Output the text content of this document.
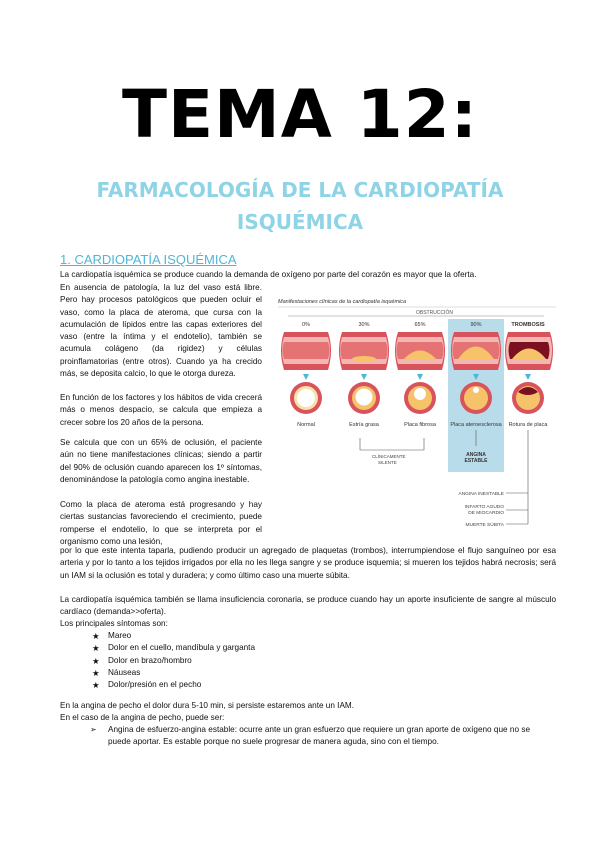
TEMA 12:
FARMACOLOGÍA DE LA CARDIOPATÍA
ISQUÉMICA
1. CARDIOPATÍA ISQUÉMICA
La cardiopatía isquémica se produce cuando la demanda de oxígeno por parte del corazón es mayor que la oferta.
En ausencia de patología, la luz del vaso está libre. Pero hay procesos patológicos que pueden ocluir el vaso, como la placa de ateroma, que cursa con la acumulación de lípidos entre las capas exteriores del vaso (entre la íntima y el endotelio), también se acumula colágeno (da rigidez) y células proinflamatorias (entre otros). Cuando ya ha crecido más, se deposita calcio, lo que le otorga dureza.
En función de los factores y los hábitos de vida crecerá más o menos despacio, se calcula que empieza a crecer sobre los 20 años de la persona.
Se calcula que con un 65% de oclusión, el paciente aún no tiene manifestaciones clínicas; siendo a partir del 90% de oclusión cuando aparecen los 1º síntomas, denominándose la patología como angina inestable.
Como la placa de ateroma está progresando y hay ciertas sustancias favoreciendo el crecimiento, puede romperse el endotelio, lo que se interpreta por el organismo como una lesión,
por lo que este intenta taparla, pudiendo producir un agregado de plaquetas (trombos), interrumpiendose el flujo sanguíneo por esa arteria y por lo tanto a los tejidos irrigados por ella no les llega sangre y se produce isquemia; si mueren los tejidos habrá necrosis; será un IAM si la oclusión es total y duradera; y como último caso una muerte súbita.
Manifestaciones clínicas de la cardiopatía isquémica
OBSTRUCCIÓN
0%	30%	65%	90%	TROMBOSIS
Normal	Estría grasa	Placa fibrosa	Placa ateroesclerosa Rotura de placa
CLÍNICAMENTE
SILENTE
ANGINA
ESTABLE
ANGINA INESTABLE
INFARTO AGUDO
DE MIOCARDIO
MUERTE SÚBITA
La cardiopatía isquémica también se llama insuficiencia coronaria, se produce cuando hay un aporte insuficiente de sangre al músculo cardíaco (demanda>>oferta).
Los principales síntomas son:
★ Mareo
★ Dolor en el cuello, mandíbula y garganta
★ Dolor en brazo/hombro
★ Náuseas
★ Dolor/presión en el pecho
En la angina de pecho el dolor dura 5-10 min, si persiste estaremos ante un IAM.
En el caso de la angina de pecho, puede ser:
➢	Angina de esfuerzo-angina estable: ocurre ante un gran esfuerzo que requiere un gran aporte de oxígeno que no se puede aportar. Es estable porque no suele progresar de manera aguda, sino con el tiempo.
